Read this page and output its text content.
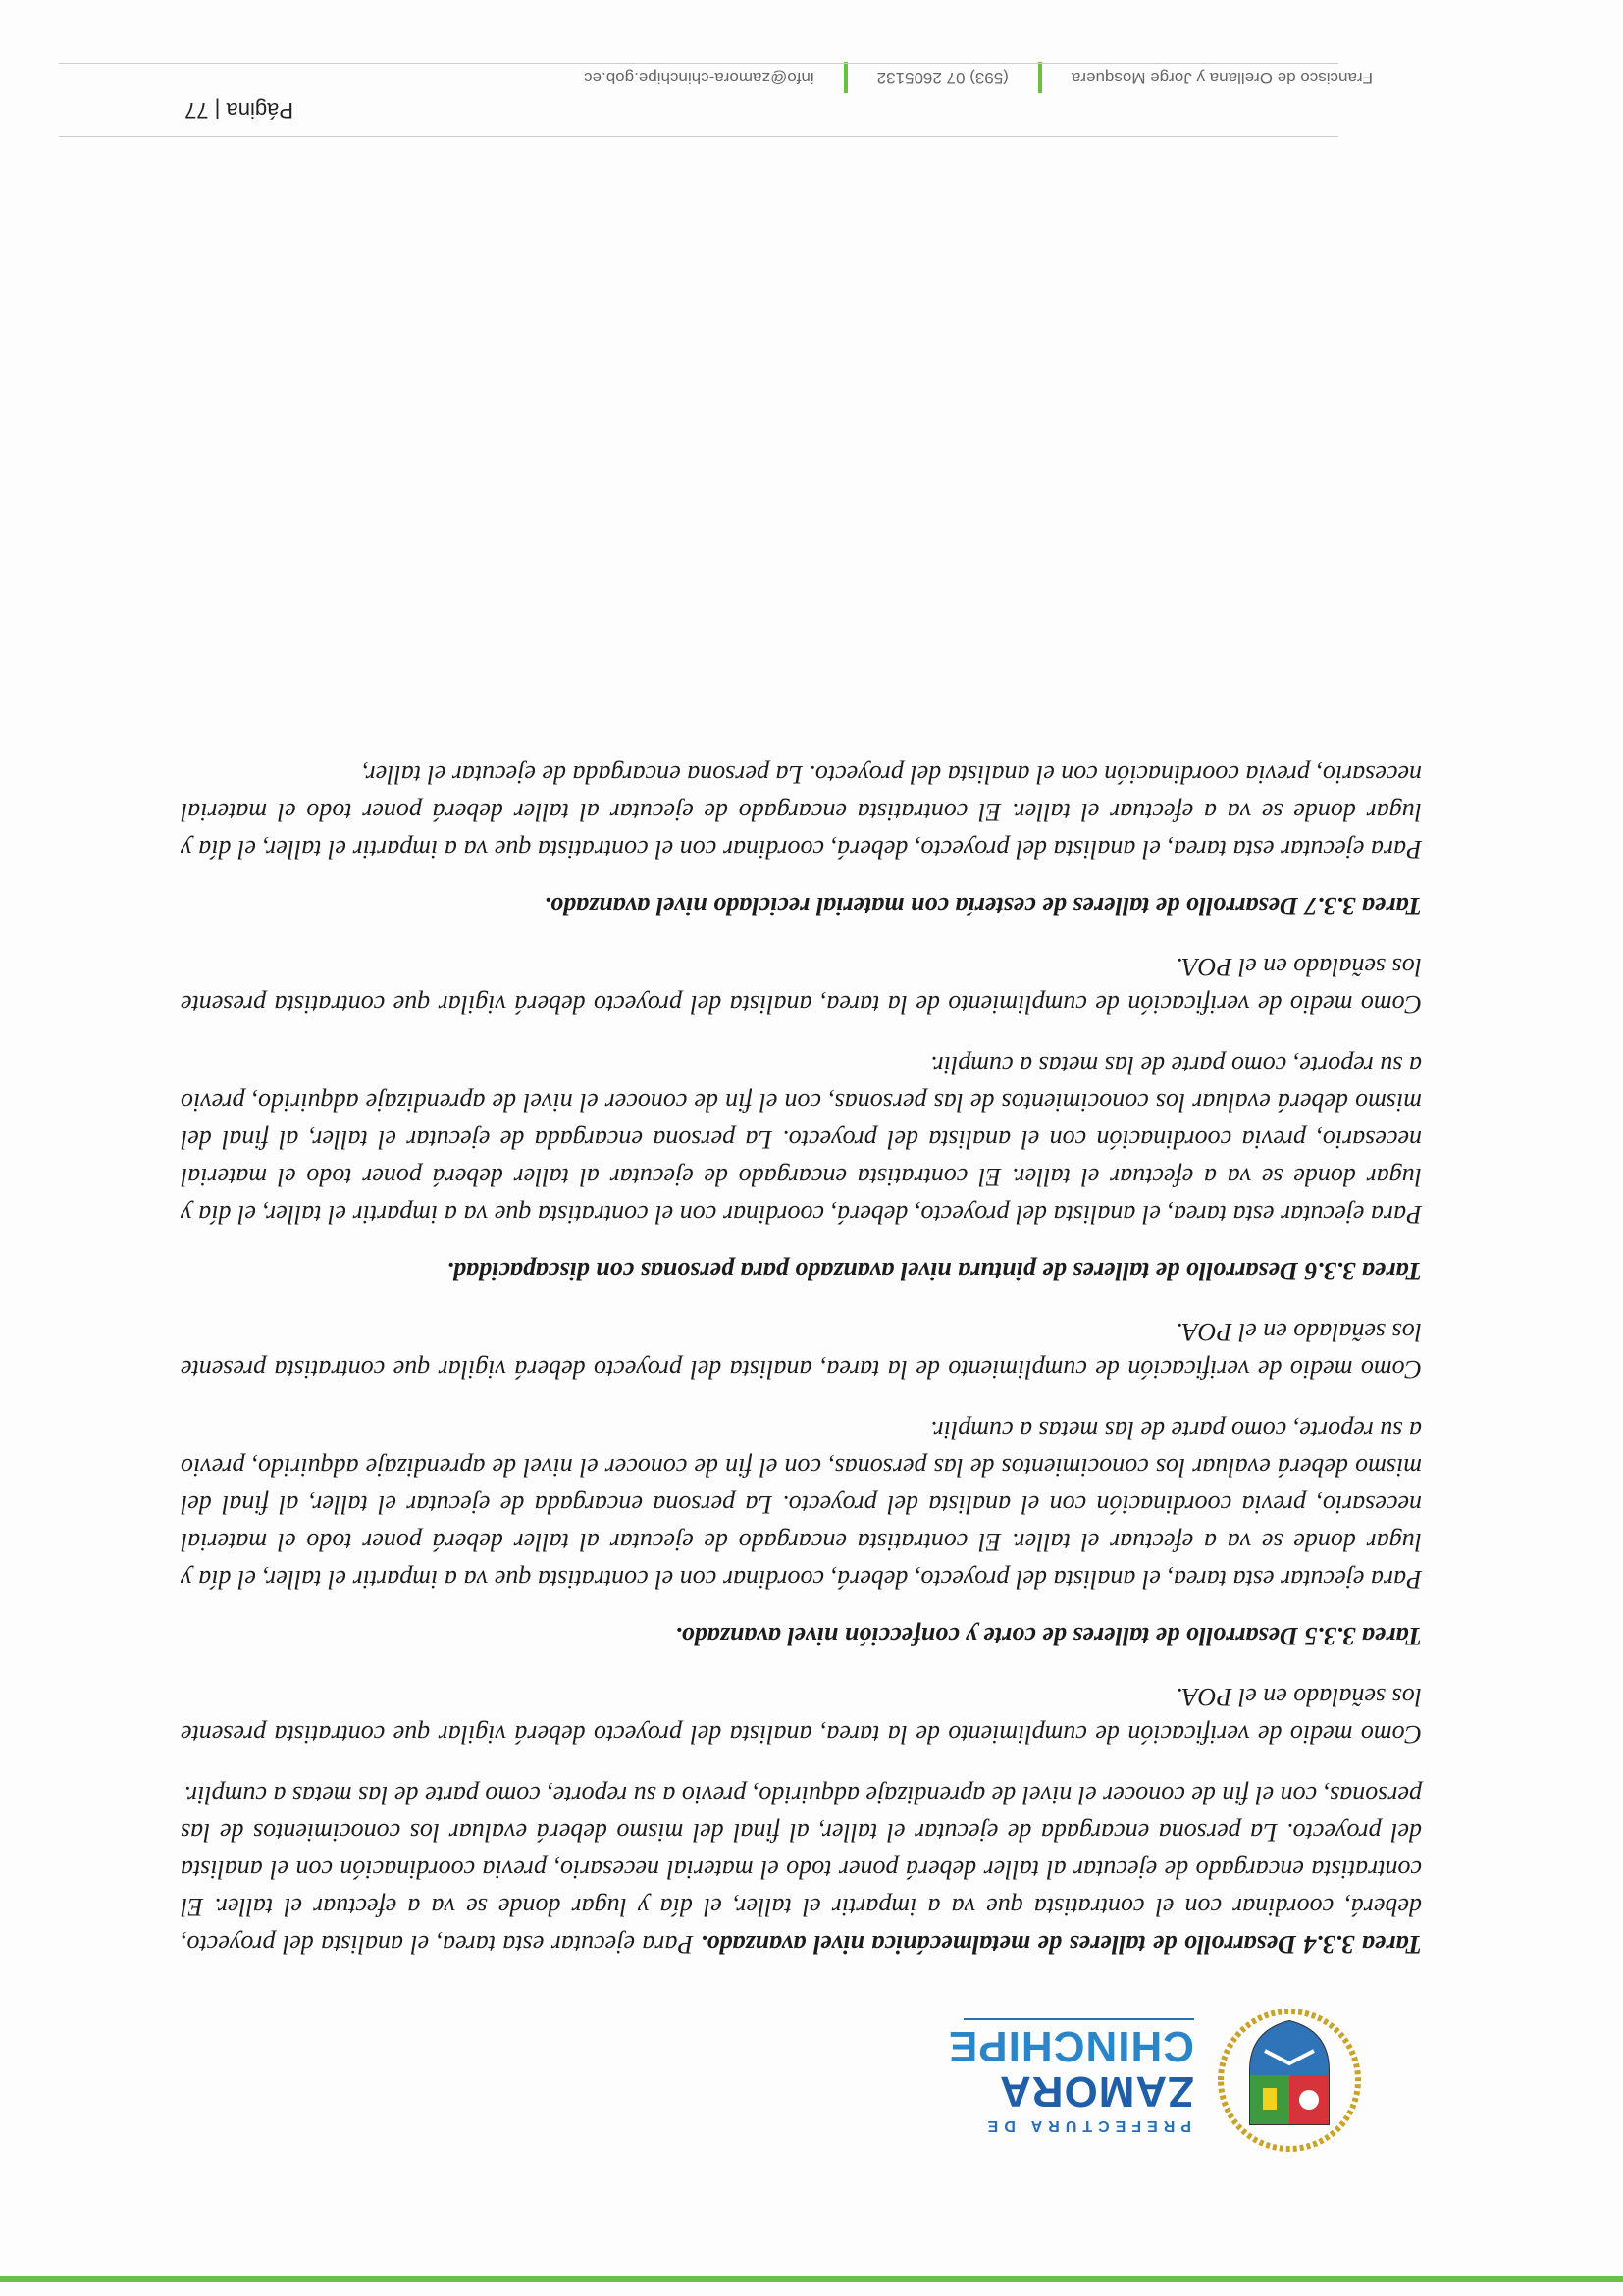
PREFECTURA DE
ZAMORA
CHINCHIPE

Tarea 3.3.4 Desarrollo de talleres de metalmecánica nivel avanzado. Para ejecutar esta tarea, el analista del proyecto, deberá, coordinar con el contratista que va a impartir el taller, el día y lugar donde se va a efectuar el taller. El contratista encargado de ejecutar al taller deberá poner todo el material necesario, previa coordinación con el analista del proyecto. La persona encargada de ejecutar el taller, al final del mismo deberá evaluar los conocimientos de las personas, con el fin de conocer el nivel de aprendizaje adquirido, previo a su reporte, como parte de las metas a cumplir.

Como medio de verificación de cumplimiento de la tarea, analista del proyecto deberá vigilar que contratista presente los señalado en el POA.

Tarea 3.3.5 Desarrollo de talleres de corte y confección nivel avanzado.

Para ejecutar esta tarea, el analista del proyecto, deberá, coordinar con el contratista que va a impartir el taller, el día y lugar donde se va a efectuar el taller. El contratista encargado de ejecutar al taller deberá poner todo el material necesario, previa coordinación con el analista del proyecto. La persona encargada de ejecutar el taller, al final del mismo deberá evaluar los conocimientos de las personas, con el fin de conocer el nivel de aprendizaje adquirido, previo a su reporte, como parte de las metas a cumplir.

Como medio de verificación de cumplimiento de la tarea, analista del proyecto deberá vigilar que contratista presente los señalado en el POA.

Tarea 3.3.6 Desarrollo de talleres de pintura nivel avanzado para personas con discapacidad.

Para ejecutar esta tarea, el analista del proyecto, deberá, coordinar con el contratista que va a impartir el taller, el día y lugar donde se va a efectuar el taller. El contratista encargado de ejecutar al taller deberá poner todo el material necesario, previa coordinación con el analista del proyecto. La persona encargada de ejecutar el taller, al final del mismo deberá evaluar los conocimientos de las personas, con el fin de conocer el nivel de aprendizaje adquirido, previo a su reporte, como parte de las metas a cumplir.

Como medio de verificación de cumplimiento de la tarea, analista del proyecto deberá vigilar que contratista presente los señalado en el POA.

Tarea 3.3.7 Desarrollo de talleres de cestería con material reciclado nivel avanzado.

Para ejecutar esta tarea, el analista del proyecto, deberá, coordinar con el contratista que va a impartir el taller, el día y lugar donde se va a efectuar el taller. El contratista encargado de ejecutar al taller deberá poner todo el material necesario, previa coordinación con el analista del proyecto. La persona encargada de ejecutar el taller,

Página | 77
Francisco de Orellana y Jorge Mosquera
(593) 07 2605132
info@zamora-chinchipe.gob.ec
